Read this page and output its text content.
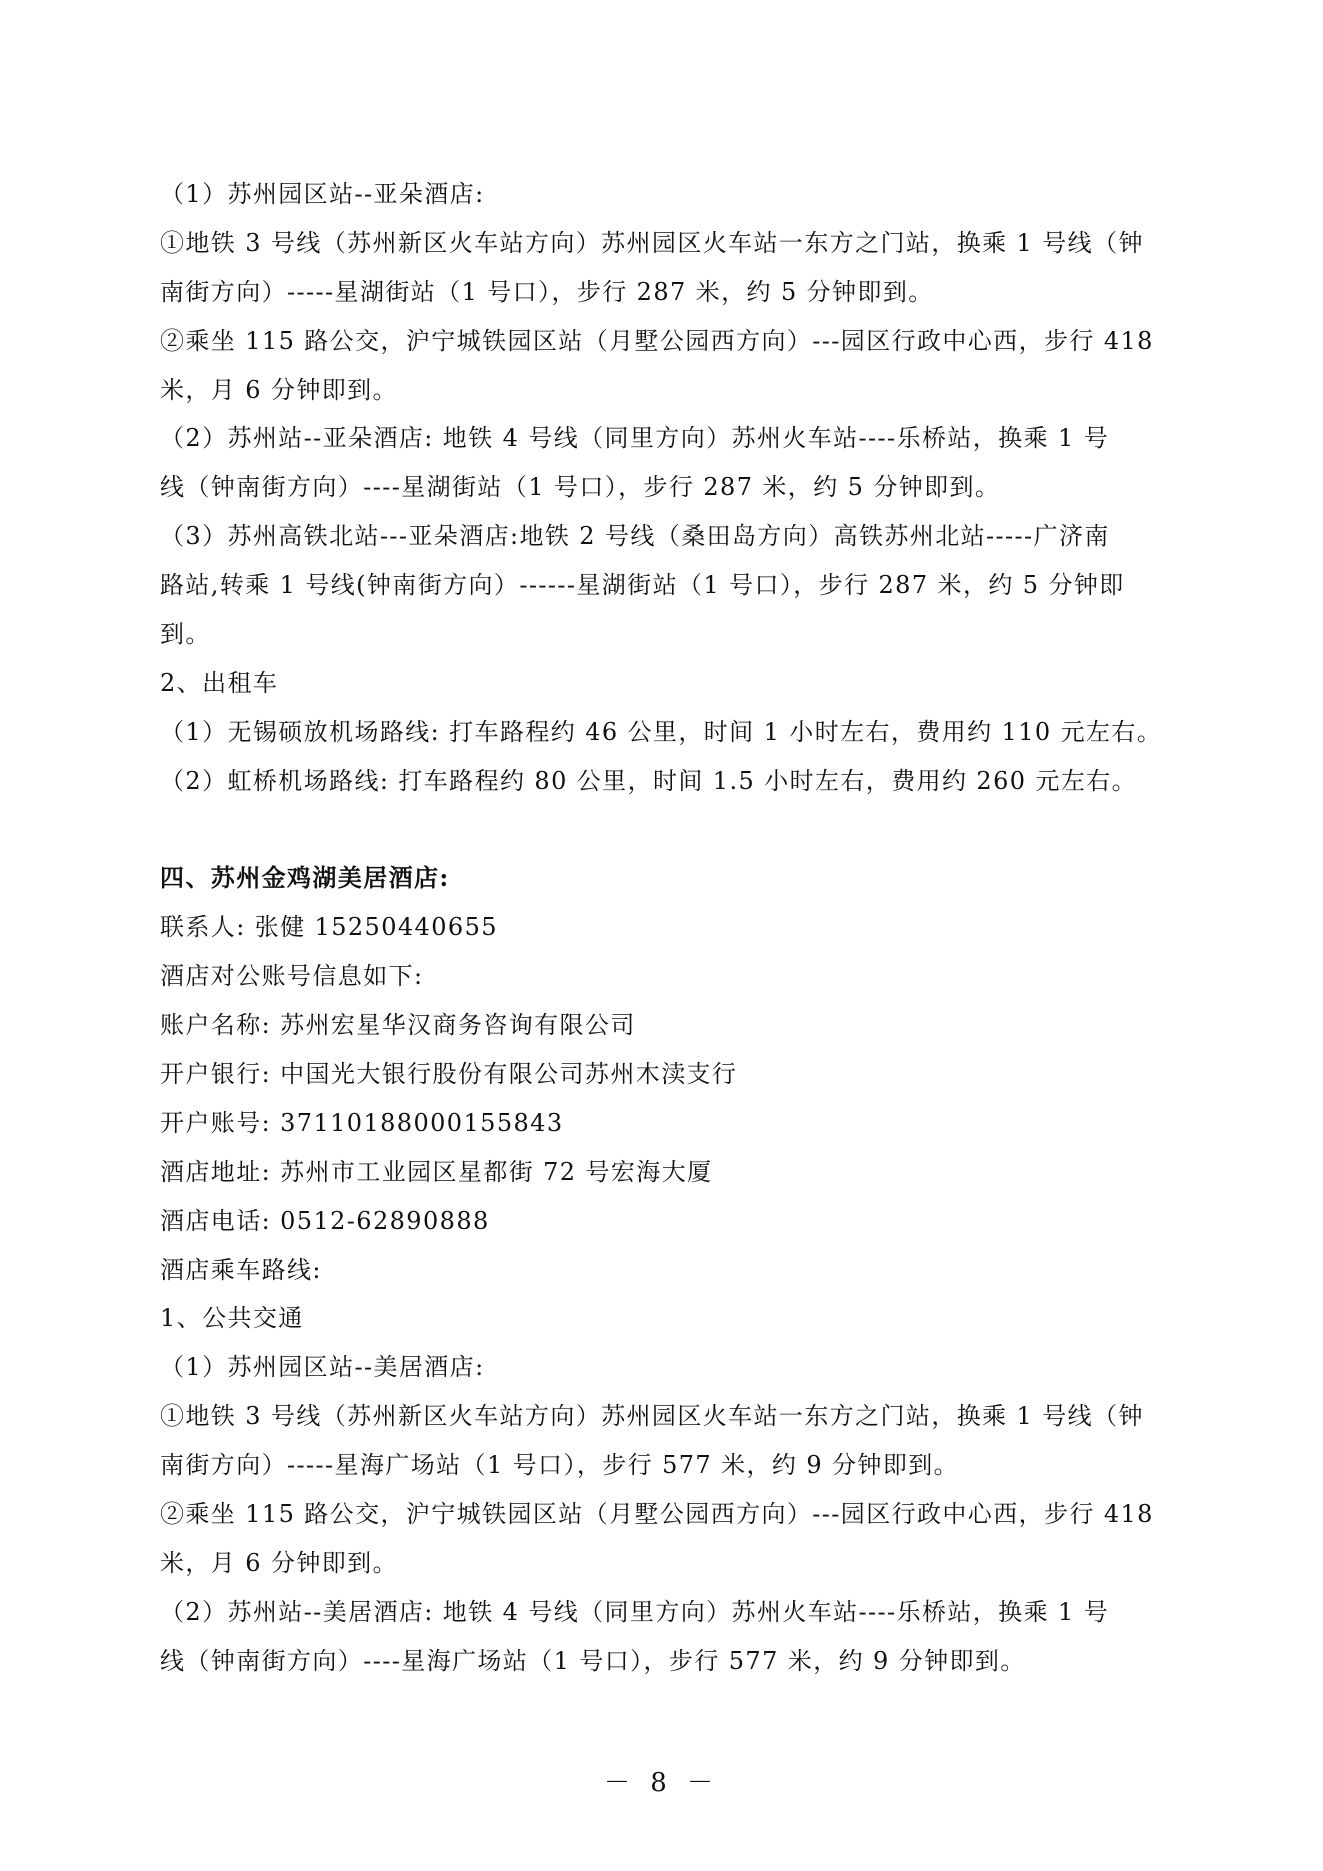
（1）苏州园区站--亚朵酒店:
①地铁 3 号线（苏州新区火车站方向）苏州园区火车站一东方之门站，换乘 1 号线（钟
南街方向）-----星湖街站（1 号口），步行 287 米，约 5 分钟即到。
②乘坐 115 路公交，沪宁城铁园区站（月墅公园西方向）---园区行政中心西，步行 418
米，月 6 分钟即到。
（2）苏州站--亚朵酒店: 地铁 4 号线（同里方向）苏州火车站----乐桥站，换乘 1 号
线（钟南街方向）----星湖街站（1 号口），步行 287 米，约 5 分钟即到。
（3）苏州高铁北站---亚朵酒店:地铁 2 号线（桑田岛方向）高铁苏州北站-----广济南
路站,转乘 1 号线(钟南街方向）------星湖街站（1 号口），步行 287 米，约 5 分钟即
到。
2、出租车
（1）无锡硕放机场路线: 打车路程约 46 公里，时间 1 小时左右，费用约 110 元左右。
（2）虹桥机场路线: 打车路程约 80 公里，时间 1.5 小时左右，费用约 260 元左右。
四、苏州金鸡湖美居酒店:
联系人: 张健 15250440655
酒店对公账号信息如下:
账户名称: 苏州宏星华汉商务咨询有限公司
开户银行: 中国光大银行股份有限公司苏州木渎支行
开户账号: 37110188000155843
酒店地址: 苏州市工业园区星都街 72 号宏海大厦
酒店电话: 0512-62890888
酒店乘车路线:
1、公共交通
（1）苏州园区站--美居酒店:
①地铁 3 号线（苏州新区火车站方向）苏州园区火车站一东方之门站，换乘 1 号线（钟
南街方向）-----星海广场站（1 号口），步行 577 米，约 9 分钟即到。
②乘坐 115 路公交，沪宁城铁园区站（月墅公园西方向）---园区行政中心西，步行 418
米，月 6 分钟即到。
（2）苏州站--美居酒店: 地铁 4 号线（同里方向）苏州火车站----乐桥站，换乘 1 号
线（钟南街方向）----星海广场站（1 号口），步行 577 米，约 9 分钟即到。
－ 8 －
